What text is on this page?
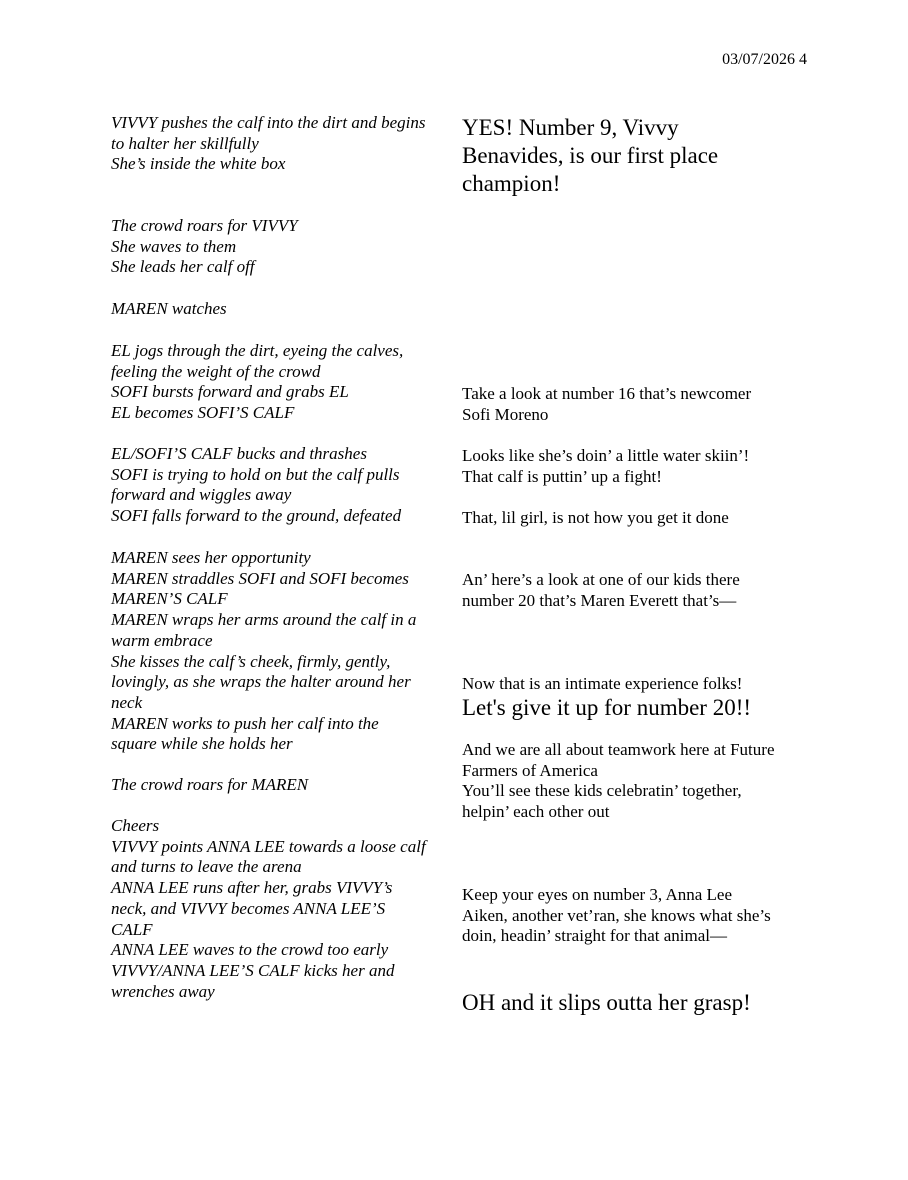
03/07/2026 4
VIVVY pushes the calf into the dirt and begins
to halter her skillfully
She’s inside the white box
The crowd roars for VIVVY
She waves to them
She leads her calf off
MAREN watches
EL jogs through the dirt, eyeing the calves,
feeling the weight of the crowd
SOFI bursts forward and grabs EL
EL becomes SOFI’S CALF
EL/SOFI’S CALF bucks and thrashes
SOFI is trying to hold on but the calf pulls
forward and wiggles away
SOFI falls forward to the ground, defeated
MAREN sees her opportunity
MAREN straddles SOFI and SOFI becomes
MAREN’S CALF
MAREN wraps her arms around the calf in a
warm embrace
She kisses the calf’s cheek, firmly, gently,
lovingly, as she wraps the halter around her
neck
MAREN works to push her calf into the
square while she holds her
The crowd roars for MAREN
Cheers
VIVVY points ANNA LEE towards a loose calf
and turns to leave the arena
ANNA LEE runs after her, grabs VIVVY’s
neck, and VIVVY becomes ANNA LEE’S
CALF
ANNA LEE waves to the crowd too early
VIVVY/ANNA LEE’S CALF kicks her and
wrenches away
YES! Number 9, Vivvy
Benavides, is our first place
champion!
Take a look at number 16 that’s newcomer
Sofi Moreno
Looks like she’s doin’ a little water skiin’!
That calf is puttin’ up a fight!
That, lil girl, is not how you get it done
An’ here’s a look at one of our kids there
number 20 that’s Maren Everett that’s—
Now that is an intimate experience folks!
Let's give it up for number 20!!
And we are all about teamwork here at Future
Farmers of America
You’ll see these kids celebratin’ together,
helpin’ each other out
Keep your eyes on number 3, Anna Lee
Aiken, another vet’ran, she knows what she’s
doin, headin’ straight for that animal—
OH and it slips outta her grasp!
